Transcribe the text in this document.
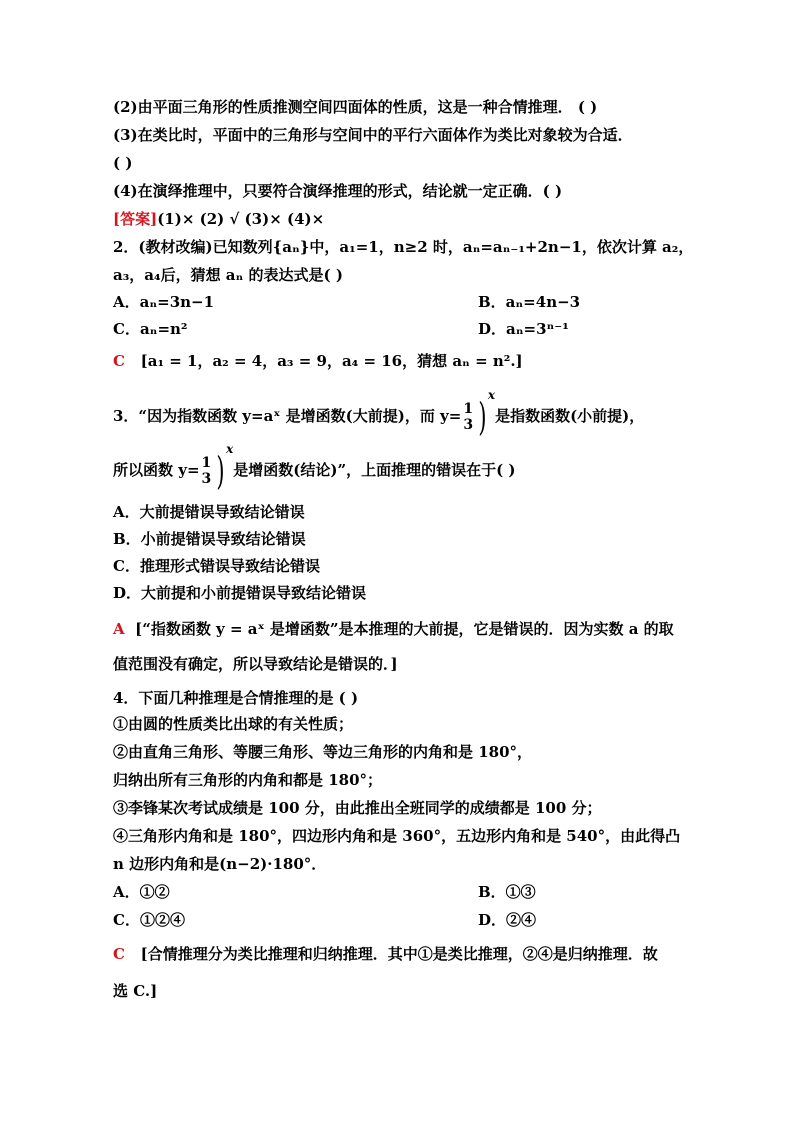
(2)由平面三角形的性质推测空间四面体的性质，这是一种合情推理． ( )
(3)在类比时，平面中的三角形与空间中的平行六面体作为类比对象较为合适．
( )
(4)在演绎推理中，只要符合演绎推理的形式，结论就一定正确．( )
[答案](1)× (2) √ (3)× (4)×
2．(教材改编)已知数列{aₙ}中，a₁=1，n≥2 时，aₙ=aₙ₋₁+2n−1，依次计算 a₂，
a₃，a₄后，猜想 aₙ 的表达式是( )
A．aₙ=3n−1	B．aₙ=4n−3
C．aₙ=n²	D．aₙ=3ⁿ⁻¹
C [a₁ = 1，a₂ = 4，a₃ = 9，a₄ = 16，猜想 aₙ = n².]
3．“因为指数函数 y=aˣ 是增函数(大前提)，而 y= 1
3 )$^x$是指数函数(小前提)，
所以函数 y= 1
3 )$^x$是增函数(结论)”，上面推理的错误在于( )
A．大前提错误导致结论错误
B．小前提错误导致结论错误
C．推理形式错误导致结论错误
D．大前提和小前提错误导致结论错误
A [“指数函数 y = aˣ 是增函数”是本推理的大前提，它是错误的．因为实数 a 的取
值范围没有确定，所以导致结论是错误的．]
4．下面几种推理是合情推理的是 ( )
①由圆的性质类比出球的有关性质；
②由直角三角形、等腰三角形、等边三角形的内角和是 180°，
归纳出所有三角形的内角和都是 180°；
③李锋某次考试成绩是 100 分，由此推出全班同学的成绩都是 100 分；
④三角形内角和是 180°，四边形内角和是 360°，五边形内角和是 540°，由此得凸
n 边形内角和是(n−2)·180°．
A．①②	B．①③
C．①②④	D．②④
C [合情推理分为类比推理和归纳推理．其中①是类比推理，②④是归纳推理．故
选 C.]
